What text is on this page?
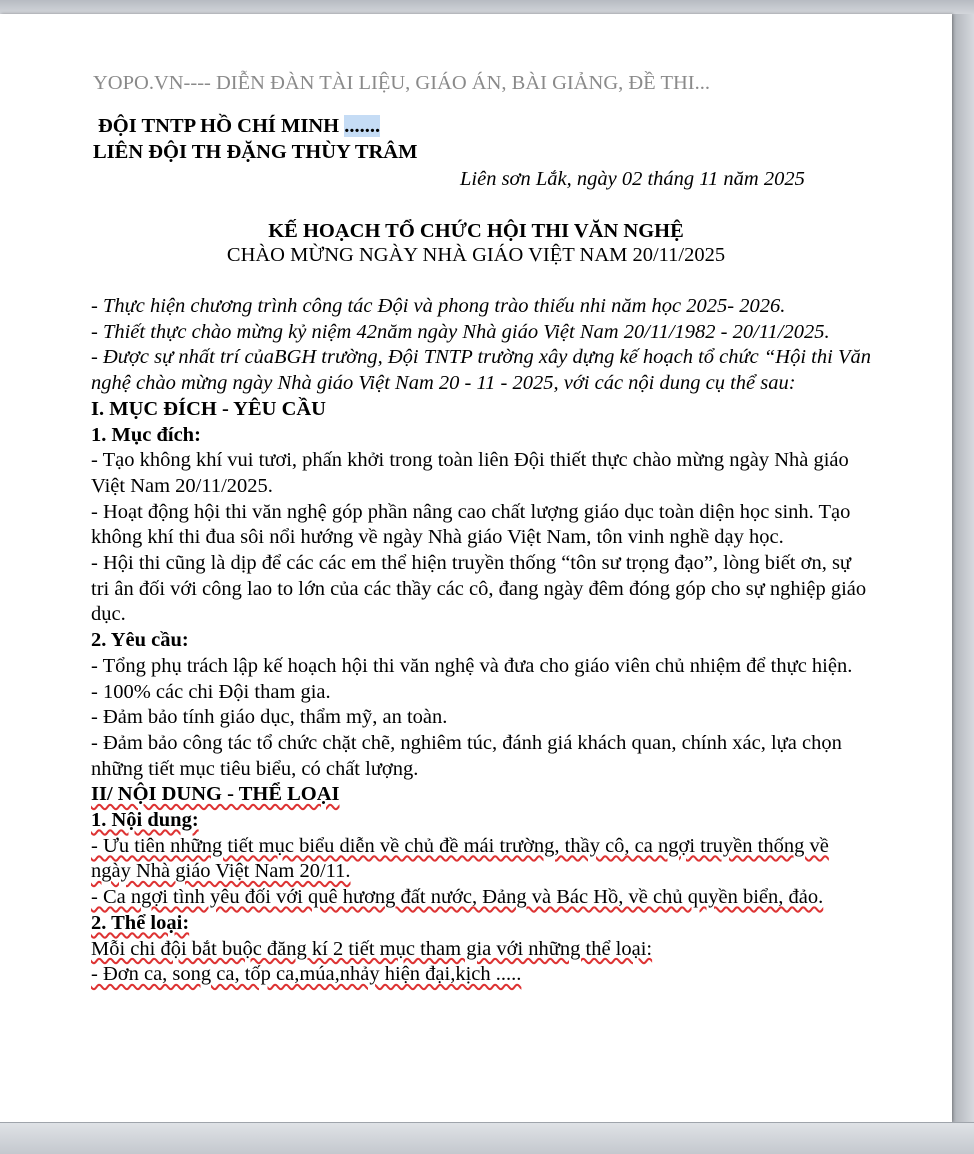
YOPO.VN---- DIỄN ĐÀN TÀI LIỆU, GIÁO ÁN, BÀI GIẢNG, ĐỀ THI...
ĐỘI TNTP HỒ CHÍ MINH .......
LIÊN ĐỘI TH ĐẶNG THÙY TRÂM
Liên sơn Lắk, ngày 02 tháng 11 năm 2025
KẾ HOẠCH TỔ CHỨC HỘI THI VĂN NGHỆ
CHÀO MỪNG NGÀY NHÀ GIÁO VIỆT NAM 20/11/2025

- Thực hiện chương trình công tác Đội và phong trào thiếu nhi năm học 2025- 2026.

- Thiết thực chào mừng kỷ niệm 42năm ngày Nhà giáo Việt Nam 20/11/1982 - 20/11/2025.

- Được sự nhất trí củaBGH trường, Đội TNTP trường xây dựng kế hoạch tổ chức “Hội thi Văn nghệ chào mừng ngày Nhà giáo Việt Nam 20 - 11 - 2025, với các nội dung cụ thể sau:

I. MỤC ĐÍCH - YÊU CẦU

1. Mục đích:

- Tạo không khí vui tươi, phấn khởi trong toàn liên Đội thiết thực chào mừng ngày Nhà giáo Việt Nam 20/11/2025.

- Hoạt động hội thi văn nghệ góp phần nâng cao chất lượng giáo dục toàn diện học sinh. Tạo không khí thi đua sôi nổi hướng về ngày Nhà giáo Việt Nam, tôn vinh nghề dạy học.

- Hội thi cũng là dịp để các các em thể hiện truyền thống “tôn sư trọng đạo”, lòng biết ơn, sự tri ân đối với công lao to lớn của các thầy các cô, đang ngày đêm đóng góp cho sự nghiệp giáo dục.

2. Yêu cầu:

- Tổng phụ trách lập kế hoạch hội thi văn nghệ và đưa cho giáo viên chủ nhiệm để thực hiện.

- 100% các chi Đội tham gia.

- Đảm bảo tính giáo dục, thẩm mỹ, an toàn.

- Đảm bảo công tác tổ chức chặt chẽ, nghiêm túc, đánh giá khách quan, chính xác, lựa chọn những tiết mục tiêu biểu, có chất lượng.

II/ NỘI DUNG - THỂ LOẠI

1. Nội dung:

- Ưu tiên những tiết mục biểu diễn về chủ đề mái trường, thầy cô, ca ngợi truyền thống về ngày Nhà giáo Việt Nam 20/11.

- Ca ngợi tình yêu đối với quê hương đất nước, Đảng và Bác Hồ, về chủ quyền biển, đảo.

2. Thể loại:

Mỗi chi đội bắt buộc đăng kí 2 tiết mục tham gia với những thể loại:

- Đơn ca, song ca, tốp ca,múa,nhảy hiện đại,kịch .....
